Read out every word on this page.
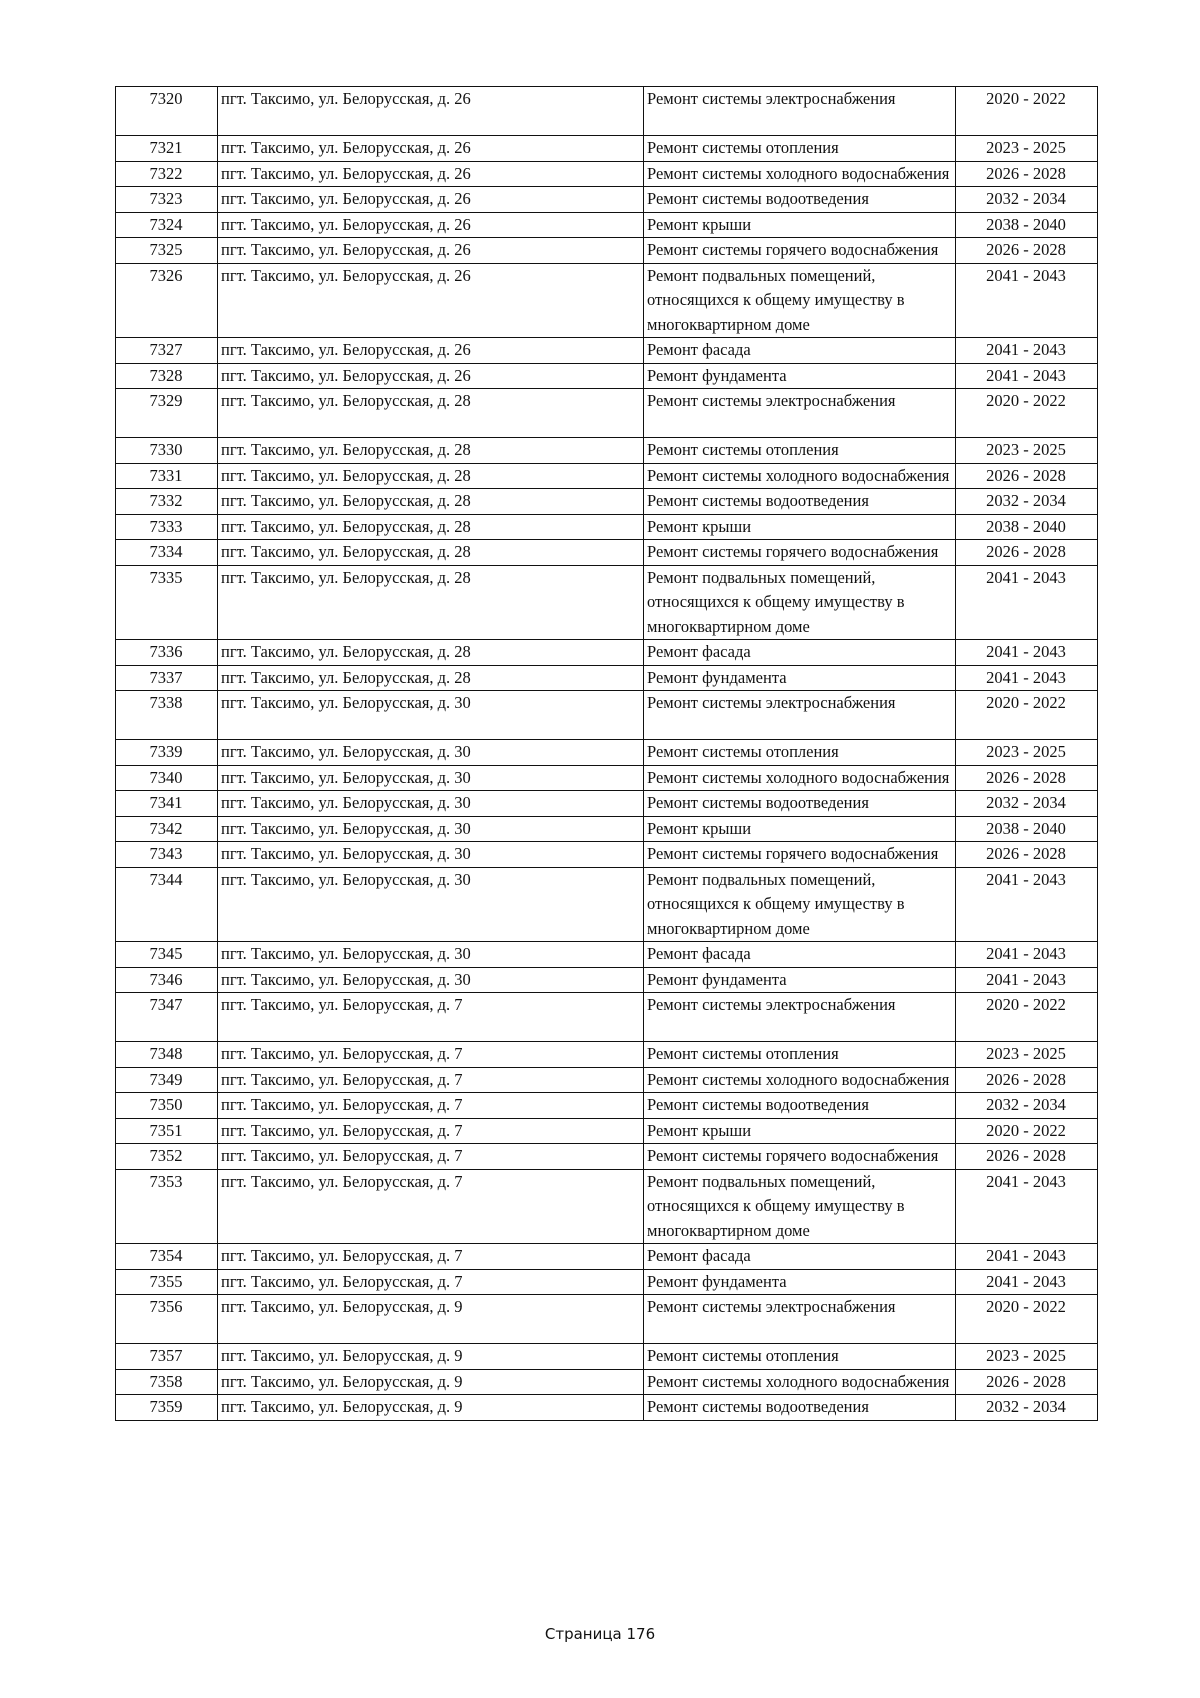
7320	пгт. Таксимо, ул. Белорусская, д. 26	Ремонт системы электроснабжения	2020 - 2022
7321	пгт. Таксимо, ул. Белорусская, д. 26	Ремонт системы отопления	2023 - 2025
7322	пгт. Таксимо, ул. Белорусская, д. 26	Ремонт системы холодного водоснабжения	2026 - 2028
7323	пгт. Таксимо, ул. Белорусская, д. 26	Ремонт системы водоотведения	2032 - 2034
7324	пгт. Таксимо, ул. Белорусская, д. 26	Ремонт крыши	2038 - 2040
7325	пгт. Таксимо, ул. Белорусская, д. 26	Ремонт системы горячего водоснабжения	2026 - 2028
7326	пгт. Таксимо, ул. Белорусская, д. 26	Ремонт подвальных помещений, относящихся к общему имуществу в многоквартирном доме	2041 - 2043
7327	пгт. Таксимо, ул. Белорусская, д. 26	Ремонт фасада	2041 - 2043
7328	пгт. Таксимо, ул. Белорусская, д. 26	Ремонт фундамента	2041 - 2043
7329	пгт. Таксимо, ул. Белорусская, д. 28	Ремонт системы электроснабжения	2020 - 2022
7330	пгт. Таксимо, ул. Белорусская, д. 28	Ремонт системы отопления	2023 - 2025
7331	пгт. Таксимо, ул. Белорусская, д. 28	Ремонт системы холодного водоснабжения	2026 - 2028
7332	пгт. Таксимо, ул. Белорусская, д. 28	Ремонт системы водоотведения	2032 - 2034
7333	пгт. Таксимо, ул. Белорусская, д. 28	Ремонт крыши	2038 - 2040
7334	пгт. Таксимо, ул. Белорусская, д. 28	Ремонт системы горячего водоснабжения	2026 - 2028
7335	пгт. Таксимо, ул. Белорусская, д. 28	Ремонт подвальных помещений, относящихся к общему имуществу в многоквартирном доме	2041 - 2043
7336	пгт. Таксимо, ул. Белорусская, д. 28	Ремонт фасада	2041 - 2043
7337	пгт. Таксимо, ул. Белорусская, д. 28	Ремонт фундамента	2041 - 2043
7338	пгт. Таксимо, ул. Белорусская, д. 30	Ремонт системы электроснабжения	2020 - 2022
7339	пгт. Таксимо, ул. Белорусская, д. 30	Ремонт системы отопления	2023 - 2025
7340	пгт. Таксимо, ул. Белорусская, д. 30	Ремонт системы холодного водоснабжения	2026 - 2028
7341	пгт. Таксимо, ул. Белорусская, д. 30	Ремонт системы водоотведения	2032 - 2034
7342	пгт. Таксимо, ул. Белорусская, д. 30	Ремонт крыши	2038 - 2040
7343	пгт. Таксимо, ул. Белорусская, д. 30	Ремонт системы горячего водоснабжения	2026 - 2028
7344	пгт. Таксимо, ул. Белорусская, д. 30	Ремонт подвальных помещений, относящихся к общему имуществу в многоквартирном доме	2041 - 2043
7345	пгт. Таксимо, ул. Белорусская, д. 30	Ремонт фасада	2041 - 2043
7346	пгт. Таксимо, ул. Белорусская, д. 30	Ремонт фундамента	2041 - 2043
7347	пгт. Таксимо, ул. Белорусская, д. 7	Ремонт системы электроснабжения	2020 - 2022
7348	пгт. Таксимо, ул. Белорусская, д. 7	Ремонт системы отопления	2023 - 2025
7349	пгт. Таксимо, ул. Белорусская, д. 7	Ремонт системы холодного водоснабжения	2026 - 2028
7350	пгт. Таксимо, ул. Белорусская, д. 7	Ремонт системы водоотведения	2032 - 2034
7351	пгт. Таксимо, ул. Белорусская, д. 7	Ремонт крыши	2020 - 2022
7352	пгт. Таксимо, ул. Белорусская, д. 7	Ремонт системы горячего водоснабжения	2026 - 2028
7353	пгт. Таксимо, ул. Белорусская, д. 7	Ремонт подвальных помещений, относящихся к общему имуществу в многоквартирном доме	2041 - 2043
7354	пгт. Таксимо, ул. Белорусская, д. 7	Ремонт фасада	2041 - 2043
7355	пгт. Таксимо, ул. Белорусская, д. 7	Ремонт фундамента	2041 - 2043
7356	пгт. Таксимо, ул. Белорусская, д. 9	Ремонт системы электроснабжения	2020 - 2022
7357	пгт. Таксимо, ул. Белорусская, д. 9	Ремонт системы отопления	2023 - 2025
7358	пгт. Таксимо, ул. Белорусская, д. 9	Ремонт системы холодного водоснабжения	2026 - 2028
7359	пгт. Таксимо, ул. Белорусская, д. 9	Ремонт системы водоотведения	2032 - 2034
Страница 176
